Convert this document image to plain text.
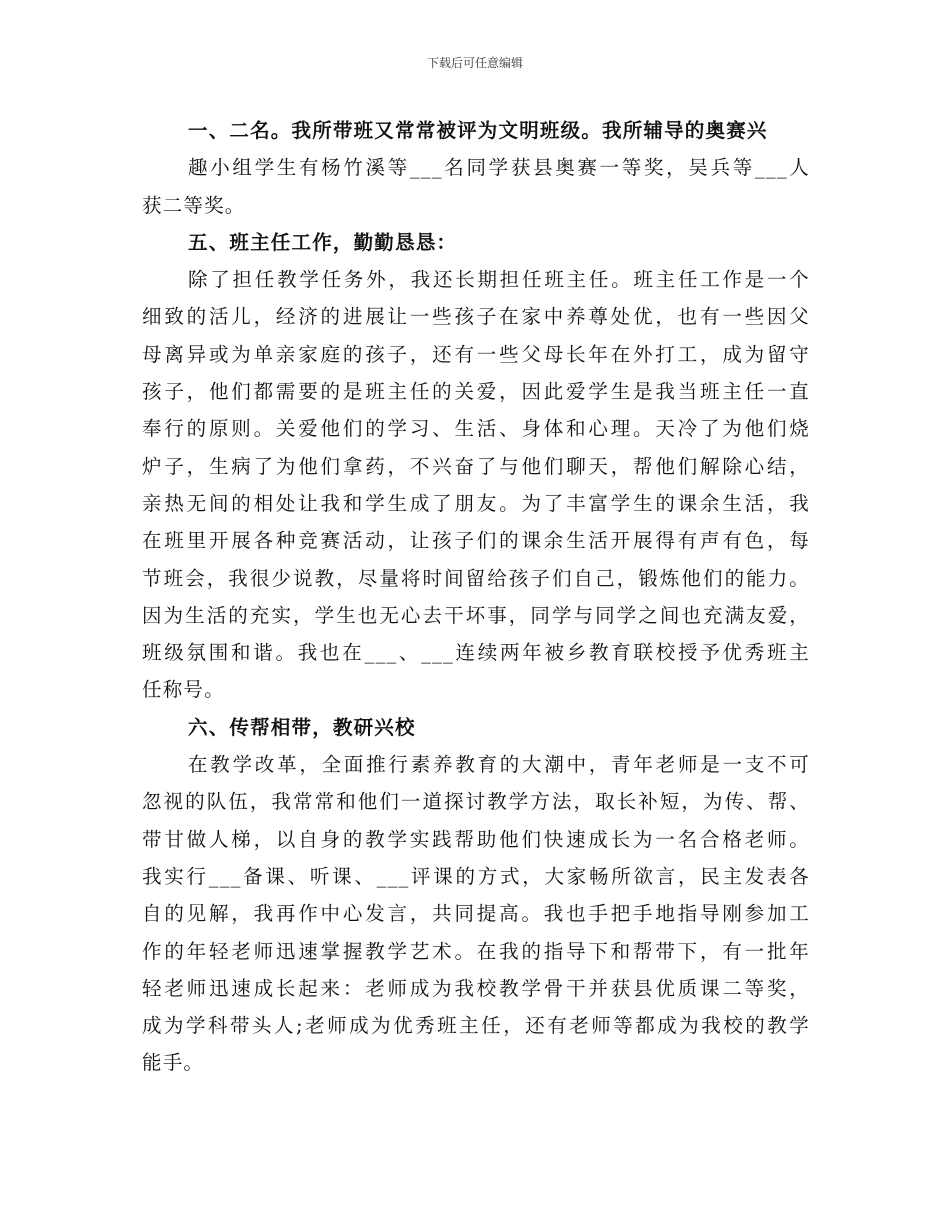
下载后可任意编辑
一、二名。我所带班又常常被评为文明班级。我所辅导的奥赛兴
趣小组学生有杨竹溪等___名同学获县奥赛一等奖，吴兵等___人
获二等奖。
五、班主任工作，勤勤恳恳：
除了担任教学任务外，我还长期担任班主任。班主任工作是一个
细致的活儿，经济的进展让一些孩子在家中养尊处优，也有一些因父
母离异或为单亲家庭的孩子，还有一些父母长年在外打工，成为留守
孩子，他们都需要的是班主任的关爱，因此爱学生是我当班主任一直
奉行的原则。关爱他们的学习、生活、身体和心理。天冷了为他们烧
炉子，生病了为他们拿药，不兴奋了与他们聊天，帮他们解除心结，
亲热无间的相处让我和学生成了朋友。为了丰富学生的课余生活，我
在班里开展各种竞赛活动，让孩子们的课余生活开展得有声有色，每
节班会，我很少说教，尽量将时间留给孩子们自己，锻炼他们的能力。
因为生活的充实，学生也无心去干坏事，同学与同学之间也充满友爱，
班级氛围和谐。我也在___、___连续两年被乡教育联校授予优秀班主
任称号。
六、传帮相带，教研兴校
在教学改革，全面推行素养教育的大潮中，青年老师是一支不可
忽视的队伍，我常常和他们一道探讨教学方法，取长补短，为传、帮、
带甘做人梯，以自身的教学实践帮助他们快速成长为一名合格老师。
我实行___备课、听课、___评课的方式，大家畅所欲言，民主发表各
自的见解，我再作中心发言，共同提高。我也手把手地指导刚参加工
作的年轻老师迅速掌握教学艺术。在我的指导下和帮带下，有一批年
轻老师迅速成长起来：老师成为我校教学骨干并获县优质课二等奖，
成为学科带头人;老师成为优秀班主任，还有老师等都成为我校的教学
能手。
